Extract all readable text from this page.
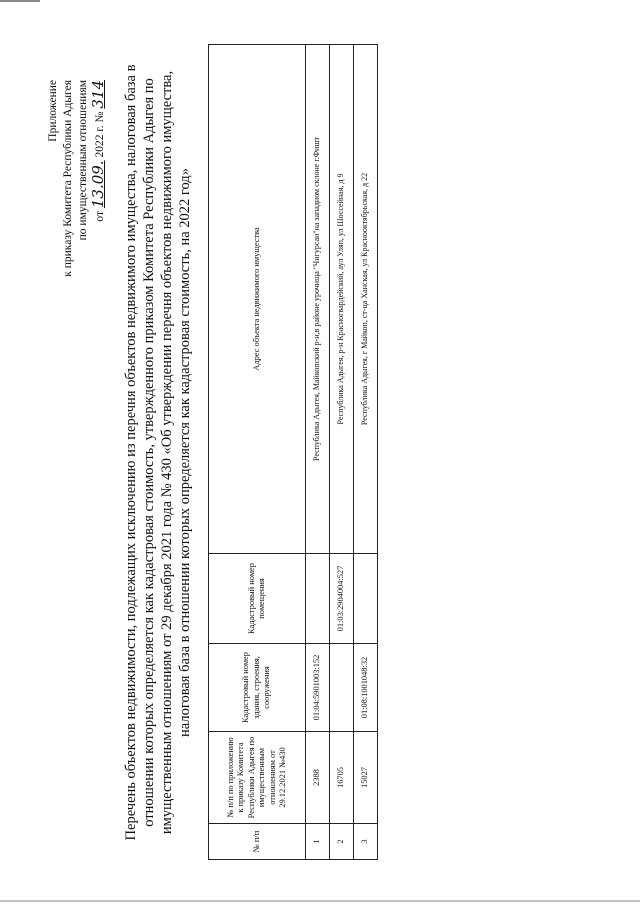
Приложение к приказу Комитета Республики Адыгея по имущественным отношениям от 13.09. 2022 г. № 314 Перечень объектов недвижимости, подлежащих исключению из перечня объектов недвижимого имущества, налоговая база в отношении которых определяется как кадастровая стоимость, утвержденного приказом Комитета Республики Адыгея по имущественным отношениям от 29 декабря 2021 года № 430 «Об утверждении перечня объектов недвижимого имущества, налоговая база в отношении которых определяется как кадастровая стоимость, на 2022 год»
№ п/п	№ п/п по приложению к приказу Комитета Республики Адыгея по имущественным отношениям от 29.12.2021 №430	Кадастровый номер здания, строения, сооружения	Кадастровый номер помещения	Адрес объекта недвижимого имущества
1	2388	01:04:5901003:152		Республика Адыгея, Майкопский р-н,в районе урочища "Чигурсаи"на западном склоне г.Фишт
2	16705		01:03:2904004:527	Республика Адыгея, р-н Красногвардейский, аул Уляп, ул Шоссейная, д 9
3	15027	01:08:1001048:32		Республика Адыгея, г Майкоп, ст-ца Ханская, ул Краснооктябрьская, д 22
